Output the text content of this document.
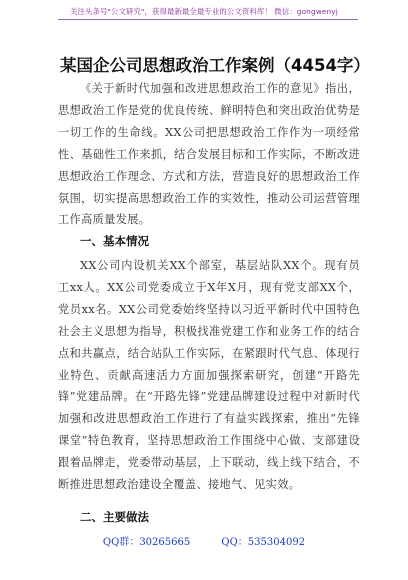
关注头条号"公文研究"，获得最新最全最专业的公文资料库！ 微信：gongwenyj
某国企公司思想政治工作案例（4454字）
《关于新时代加强和改进思想政治工作的意见》指出，思想政治工作是党的优良传统、鲜明特色和突出政治优势是一切工作的生命线。XX公司把思想政治工作作为一项经常性、基础性工作来抓，结合发展目标和工作实际，不断改进思想政治工作理念、方式和方法，营造良好的思想政治工作氛围，切实提高思想政治工作的实效性，推动公司运营管理工作高质量发展。
一、基本情况
XX公司内设机关XX个部室，基层站队XX个。现有员工xx人。XX公司党委成立于X年X月，现有党支部XX个，党员xx名。XX公司党委始终坚持以习近平新时代中国特色社会主义思想为指导，积极找准党建工作和业务工作的结合点和共赢点，结合站队工作实际，在紧跟时代气息、体现行业特色、贡献高速活力方面加强探索研究，创建“开路先锋”党建品牌。在“开路先锋”党建品牌建设过程中对新时代加强和改进思想政治工作进行了有益实践探索，推出“先锋课堂”特色教育，坚持思想政治工作围绕中心做、支部建设跟着品牌走，党委带动基层，上下联动，线上线下结合，不断推进思想政治建设全覆盖、接地气、见实效。
二、主要做法
QQ群：30265665	QQ：535304092
